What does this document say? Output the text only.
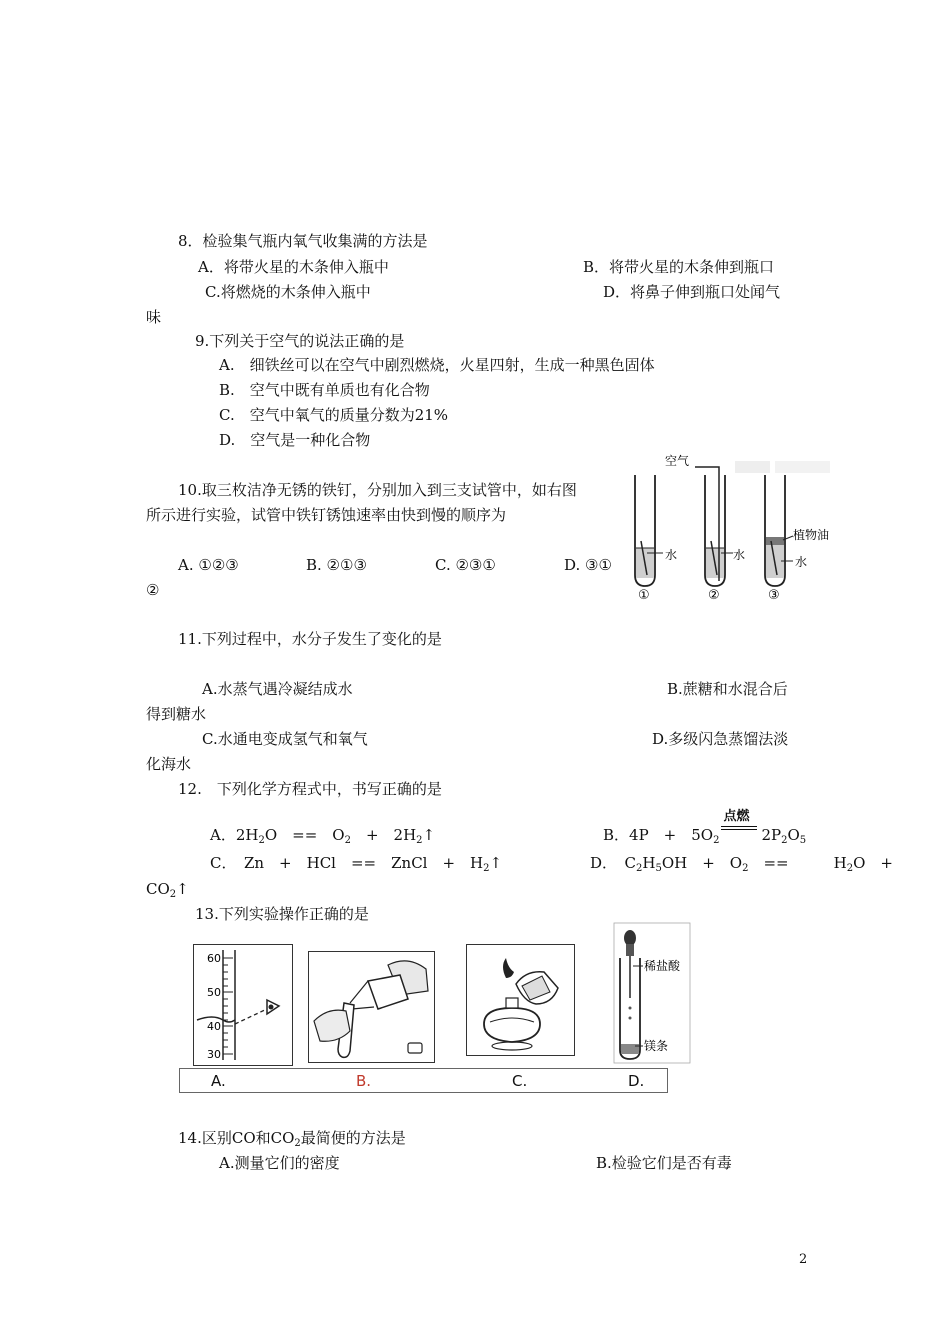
8．检验集气瓶内氧气收集满的方法是
A．将带火星的木条伸入瓶中	B．将带火星的木条伸到瓶口
C.将燃烧的木条伸入瓶中	D．将鼻子伸到瓶口处闻气
味
9.下列关于空气的说法正确的是
A.　细铁丝可以在空气中剧烈燃烧，火星四射，生成一种黑色固体
B.　空气中既有单质也有化合物
C.　空气中氧气的质量分数为21%
D.　空气是一种化合物
10.取三枚洁净无锈的铁钉，分别加入到三支试管中，如右图
所示进行实验，试管中铁钉锈蚀速率由快到慢的顺序为
A. ①②③	B. ②①③	C. ②③①	D. ③①
②
水
空气
水
植物油
水
①	②	③
11.下列过程中，水分子发生了变化的是
A.水蒸气遇冷凝结成水	B.蔗糖和水混合后
得到糖水
C.水通电变成氢气和氧气	D.多级闪急蒸馏法淡
化海水
12.　下列化学方程式中，书写正确的是
A．$2H_2O$　==　$O_2$　+　$2H_2↑$	B．4P　+　$5O_2$
点燃
$2P_2O_5$
C．　Zn　+　HCl　==　ZnCl　+　$H_2↑$	D．　$C_2H_5OH$　+　$O_2$　==　　　$H_2O$　+
$CO_2↑$
13.下列实验操作正确的是
60
50
40
30
稀盐酸
镁条
A.	B.	C.	D.
14.区别CO和$CO_2$最简便的方法是
A.测量它们的密度	B.检验它们是否有毒
2
